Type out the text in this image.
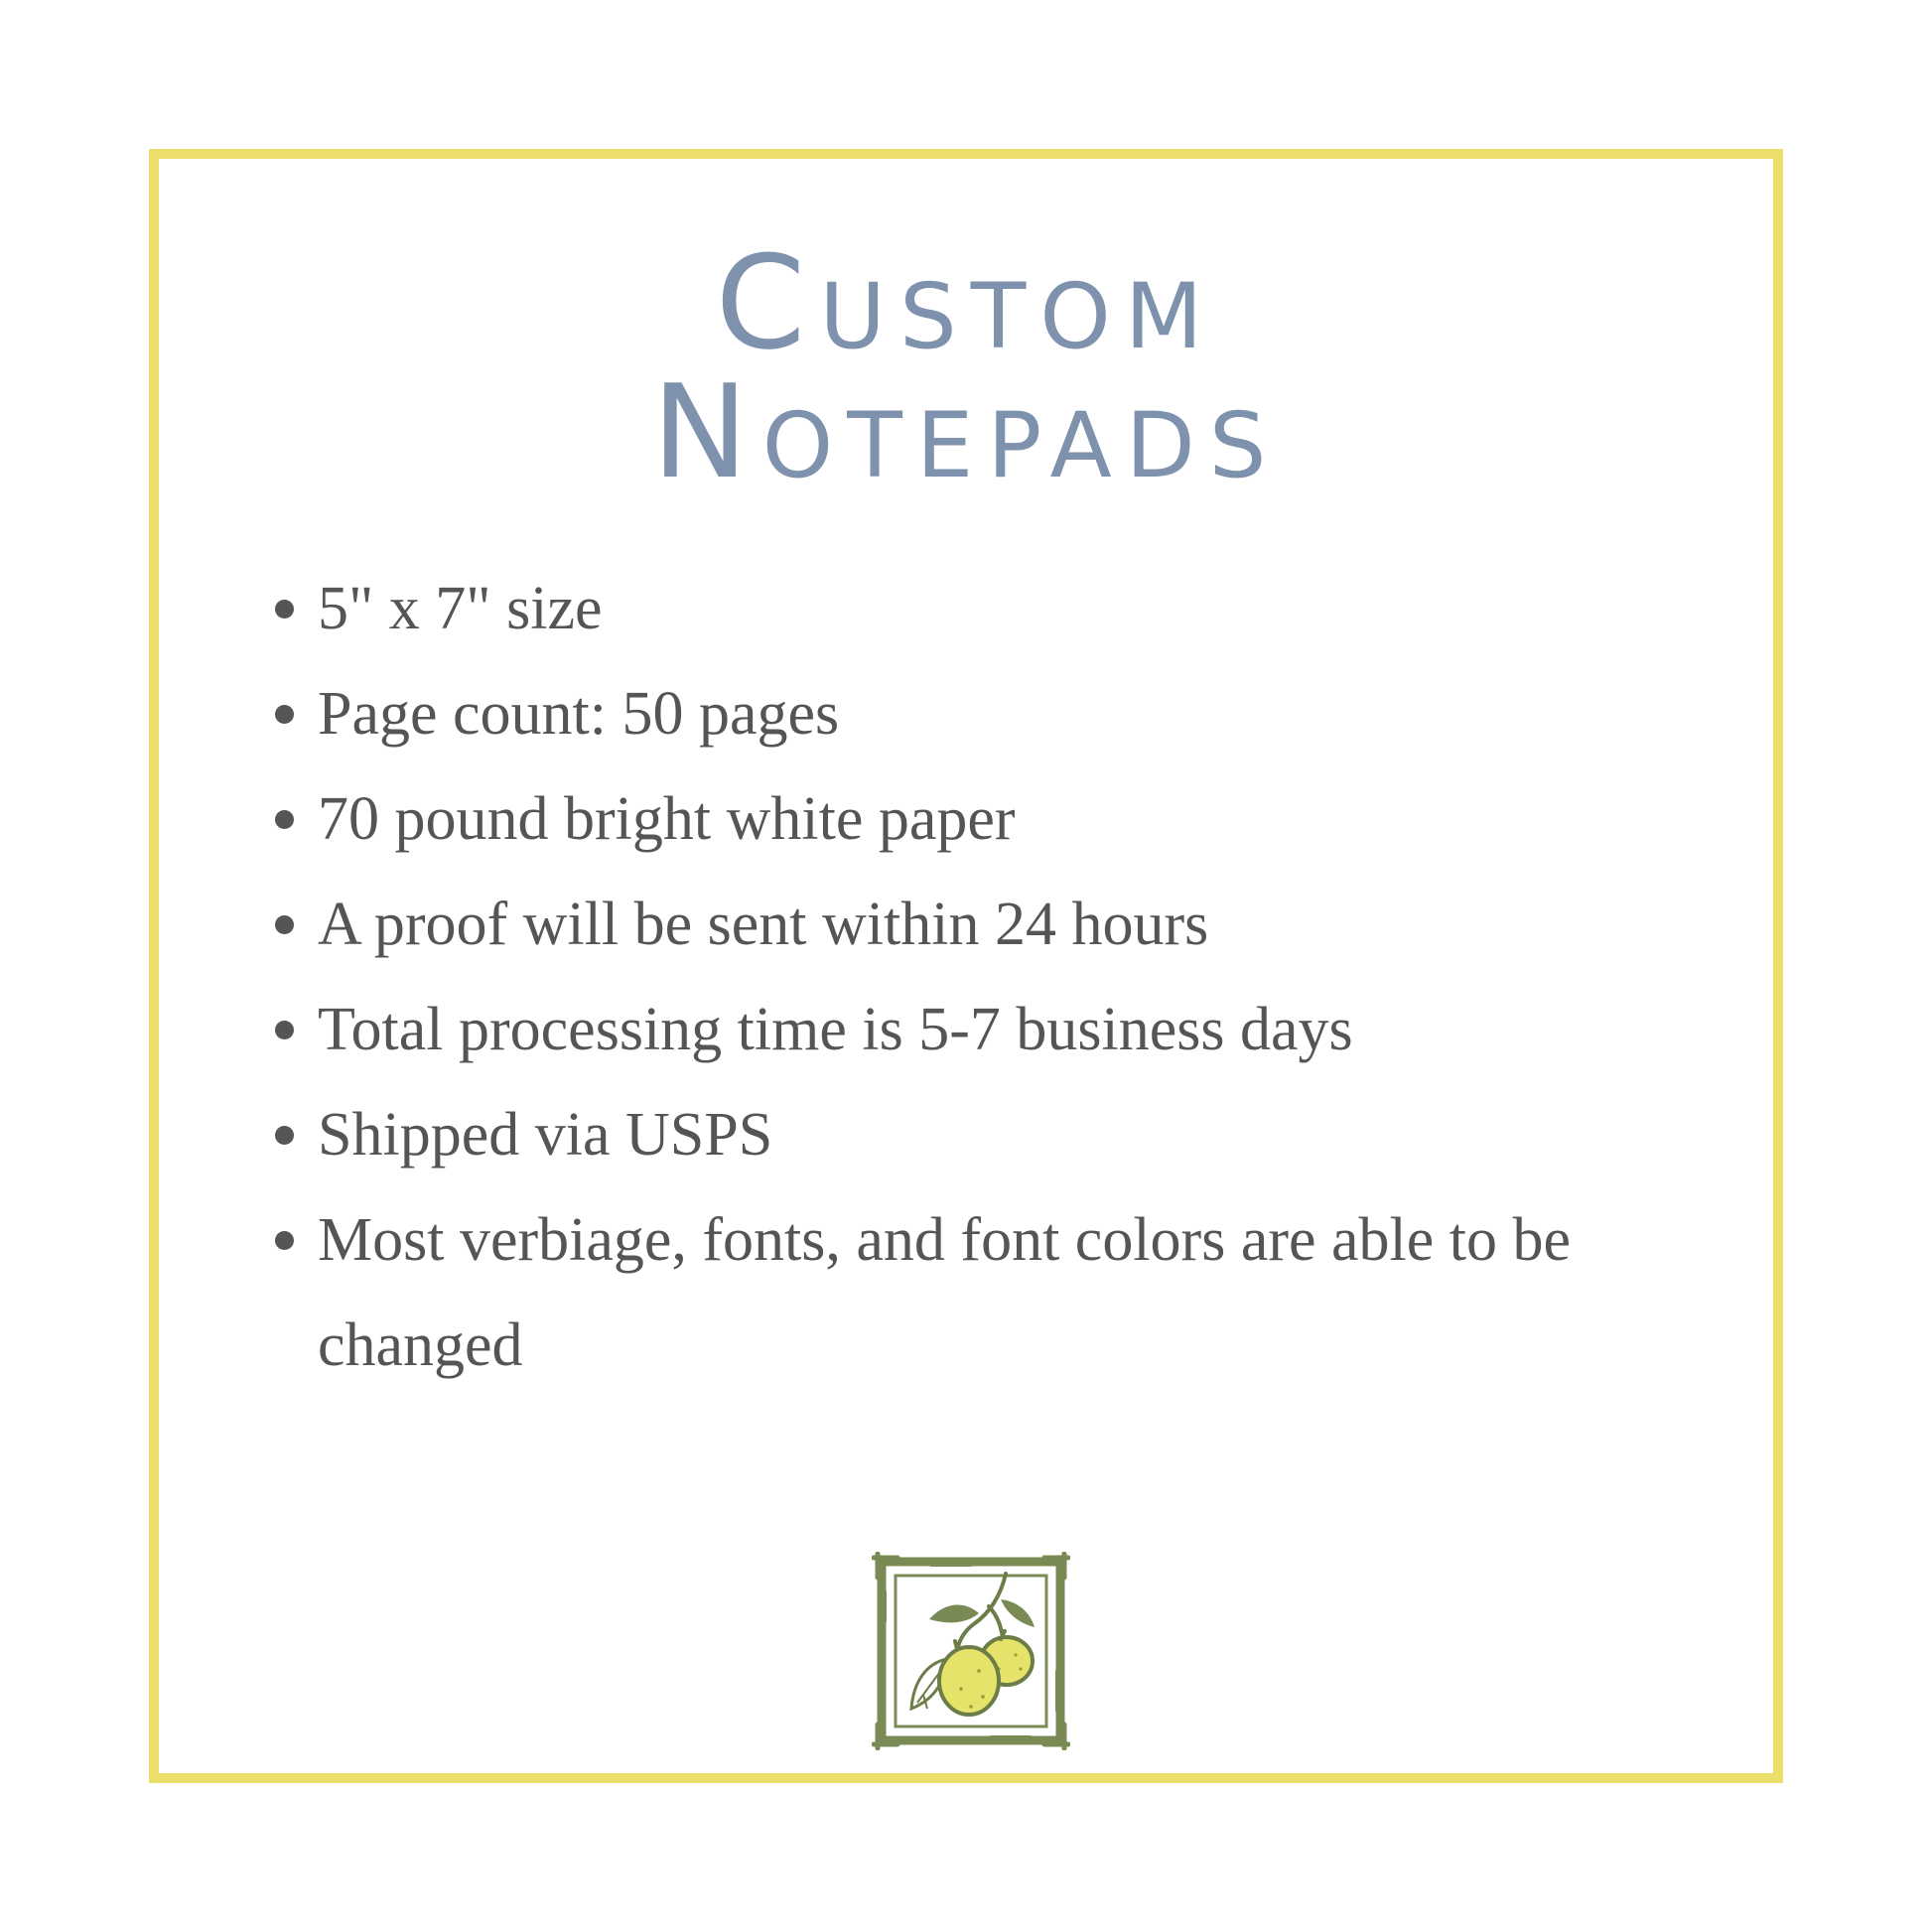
Custom
Notepads
5" x 7" size
Page count: 50 pages
70 pound bright white paper
A proof will be sent within 24 hours
Total processing time is 5-7 business days
Shipped via USPS
Most verbiage, fonts, and font colors are able to be changed
